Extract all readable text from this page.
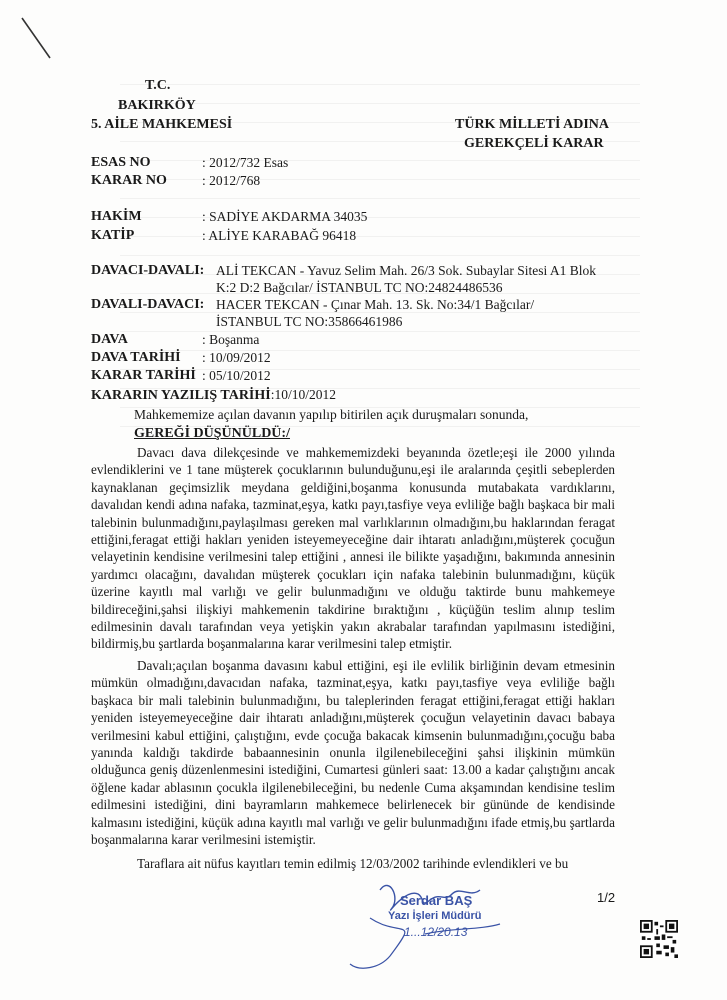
T.C.
BAKIRKÖY
5. AİLE MAHKEMESİ	TÜRK MİLLETİ ADINA
GEREKÇELİ KARAR
ESAS NO	: 2012/732 Esas
KARAR NO	: 2012/768
HAKİM	: SADİYE AKDARMA 34035
KATİP	: ALİYE KARABAĞ 96418
DAVACI-DAVALI: ALİ TEKCAN - Yavuz Selim Mah. 26/3 Sok. Subaylar Sitesi A1 Blok
K:2 D:2 Bağcılar/ İSTANBUL TC NO:24824486536
DAVALI-DAVACI: HACER TEKCAN - Çınar Mah. 13. Sk. No:34/1 Bağcılar/
İSTANBUL TC NO:35866461986
DAVA	: Boşanma
DAVA TARİHİ : 10/09/2012
KARAR TARİHİ : 05/10/2012
KARARIN YAZILIŞ TARİHİ:10/10/2012
Mahkememize açılan davanın yapılıp bitirilen açık duruşmaları sonunda,
GEREĞİ DÜŞÜNÜLDÜ:/
Davacı dava dilekçesinde ve mahkememizdeki beyanında özetle;eşi ile 2000 yılında evlendiklerini ve 1 tane müşterek çocuklarının bulunduğunu,eşi ile aralarında çeşitli sebeplerden kaynaklanan geçimsizlik meydana geldiğini,boşanma konusunda mutabakata vardıklarını, davalıdan kendi adına nafaka, tazminat,eşya, katkı payı,tasfiye veya evliliğe bağlı başkaca bir mali talebinin bulunmadığını,paylaşılması gereken mal varlıklarının olmadığını,bu haklarından feragat ettiğini,feragat ettiği hakları yeniden isteyemeyeceğine dair ihtaratı anladığını,müşterek çocuğun velayetinin kendisine verilmesini talep ettiğini , annesi ile bilikte yaşadığını, bakımında annesinin yardımcı olacağını, davalıdan müşterek çocukları için nafaka talebinin bulunmadığını, küçük üzerine kayıtlı mal varlığı ve gelir bulunmadığını ve olduğu taktirde bunu mahkemeye bildireceğini,şahsi ilişkiyi mahkemenin takdirine bıraktığını , küçüğün teslim alınıp teslim edilmesinin davalı tarafından veya yetişkin yakın akrabalar tarafından yapılmasını istediğini, bildirmiş,bu şartlarda boşanmalarına karar verilmesini talep etmiştir.
Davalı;açılan boşanma davasını kabul ettiğini, eşi ile evlilik birliğinin devam etmesinin mümkün olmadığını,davacıdan nafaka, tazminat,eşya, katkı payı,tasfiye veya evliliğe bağlı başkaca bir mali talebinin bulunmadığını, bu taleplerinden feragat ettiğini,feragat ettiği hakları yeniden isteyemeyeceğine dair ihtaratı anladığını,müşterek çocuğun velayetinin davacı babaya verilmesini kabul ettiğini, çalıştığını, evde çocuğa bakacak kimsenin bulunmadığını,çocuğu baba yanında kaldığı takdirde babaannesinin onunla ilgilenebileceğini şahsi ilişkinin mümkün olduğunca geniş düzenlenmesini istediğini, Cumartesi günleri saat: 13.00 a kadar çalıştığını ancak öğlene kadar ablasının çocukla ilgilenebileceğini, bu nedenle Cuma akşamından kendisine teslim edilmesini istediğini, dini bayramların mahkemece belirlenecek bir gününde de kendisinde kalmasını istediğini, küçük adına kayıtlı mal varlığı ve gelir bulunmadığını ifade etmiş,bu şartlarda boşanmalarına karar verilmesini istemiştir.
Taraflara ait nüfus kayıtları temin edilmiş 12/03/2002 tarihinde evlendikleri ve bu
Serdar BAŞ
Yazı İşleri Müdürü
1...12/20.13
1/2
